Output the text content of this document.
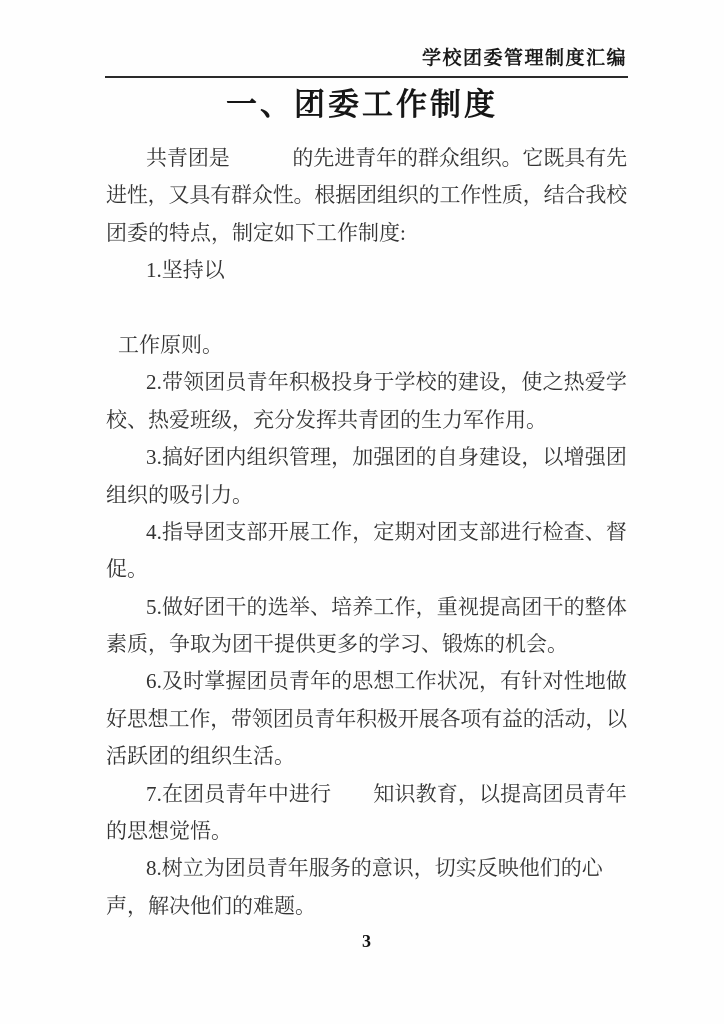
学校团委管理制度汇编
一、团委工作制度
共青团是　　　的先进青年的群众组织。它既具有先
进性，又具有群众性。根据团组织的工作性质，结合我校
团委的特点，制定如下工作制度:
1.坚持以

工作原则。
2.带领团员青年积极投身于学校的建设，使之热爱学
校、热爱班级，充分发挥共青团的生力军作用。
3.搞好团内组织管理，加强团的自身建设，以增强团
组织的吸引力。
4.指导团支部开展工作，定期对团支部进行检查、督
促。
5.做好团干的选举、培养工作，重视提高团干的整体
素质，争取为团干提供更多的学习、锻炼的机会。
6.及时掌握团员青年的思想工作状况，有针对性地做
好思想工作，带领团员青年积极开展各项有益的活动，以
活跃团的组织生活。
7.在团员青年中进行　　知识教育，以提高团员青年
的思想觉悟。
8.树立为团员青年服务的意识，切实反映他们的心
声，解决他们的难题。
3
